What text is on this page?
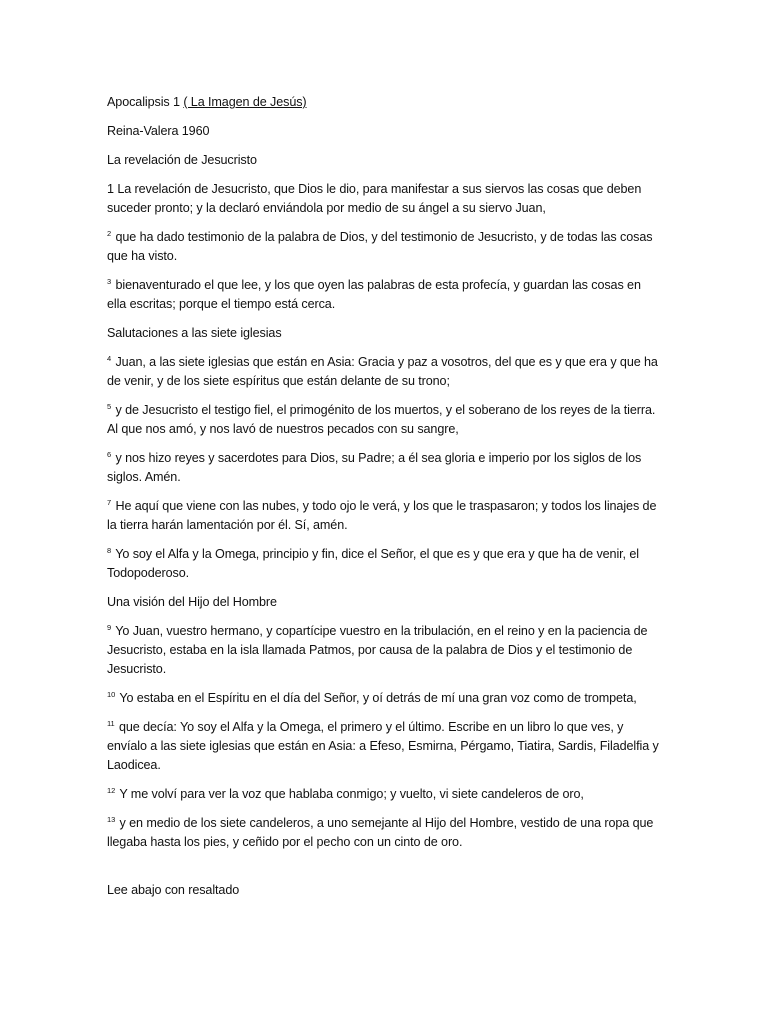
Apocalipsis 1 ( La Imagen de Jesús)

Reina-Valera 1960

La revelación de Jesucristo

1 La revelación de Jesucristo, que Dios le dio, para manifestar a sus siervos las cosas que deben suceder pronto; y la declaró enviándola por medio de su ángel a su siervo Juan,

$^2$ que ha dado testimonio de la palabra de Dios, y del testimonio de Jesucristo, y de todas las cosas que ha visto.

$^3$ bienaventurado el que lee, y los que oyen las palabras de esta profecía, y guardan las cosas en ella escritas; porque el tiempo está cerca.

Salutaciones a las siete iglesias

$^4$ Juan, a las siete iglesias que están en Asia: Gracia y paz a vosotros, del que es y que era y que ha de venir, y de los siete espíritus que están delante de su trono;

$^5$ y de Jesucristo el testigo fiel, el primogénito de los muertos, y el soberano de los reyes de la tierra. Al que nos amó, y nos lavó de nuestros pecados con su sangre,

$^6$ y nos hizo reyes y sacerdotes para Dios, su Padre; a él sea gloria e imperio por los siglos de los siglos. Amén.

$^7$ He aquí que viene con las nubes, y todo ojo le verá, y los que le traspasaron; y todos los linajes de la tierra harán lamentación por él. Sí, amén.

$^8$ Yo soy el Alfa y la Omega, principio y fin, dice el Señor, el que es y que era y que ha de venir, el Todopoderoso.

Una visión del Hijo del Hombre

$^9$ Yo Juan, vuestro hermano, y copartícipe vuestro en la tribulación, en el reino y en la paciencia de Jesucristo, estaba en la isla llamada Patmos, por causa de la palabra de Dios y el testimonio de Jesucristo.

$^{10}$ Yo estaba en el Espíritu en el día del Señor, y oí detrás de mí una gran voz como de trompeta,

$^{11}$ que decía: Yo soy el Alfa y la Omega, el primero y el último. Escribe en un libro lo que ves, y envíalo a las siete iglesias que están en Asia: a Efeso, Esmirna, Pérgamo, Tiatira, Sardis, Filadelfia y Laodicea.

$^{12}$ Y me volví para ver la voz que hablaba conmigo; y vuelto, vi siete candeleros de oro,

$^{13}$ y en medio de los siete candeleros, a uno semejante al Hijo del Hombre, vestido de una ropa que llegaba hasta los pies, y ceñido por el pecho con un cinto de oro.

Lee abajo con resaltado
